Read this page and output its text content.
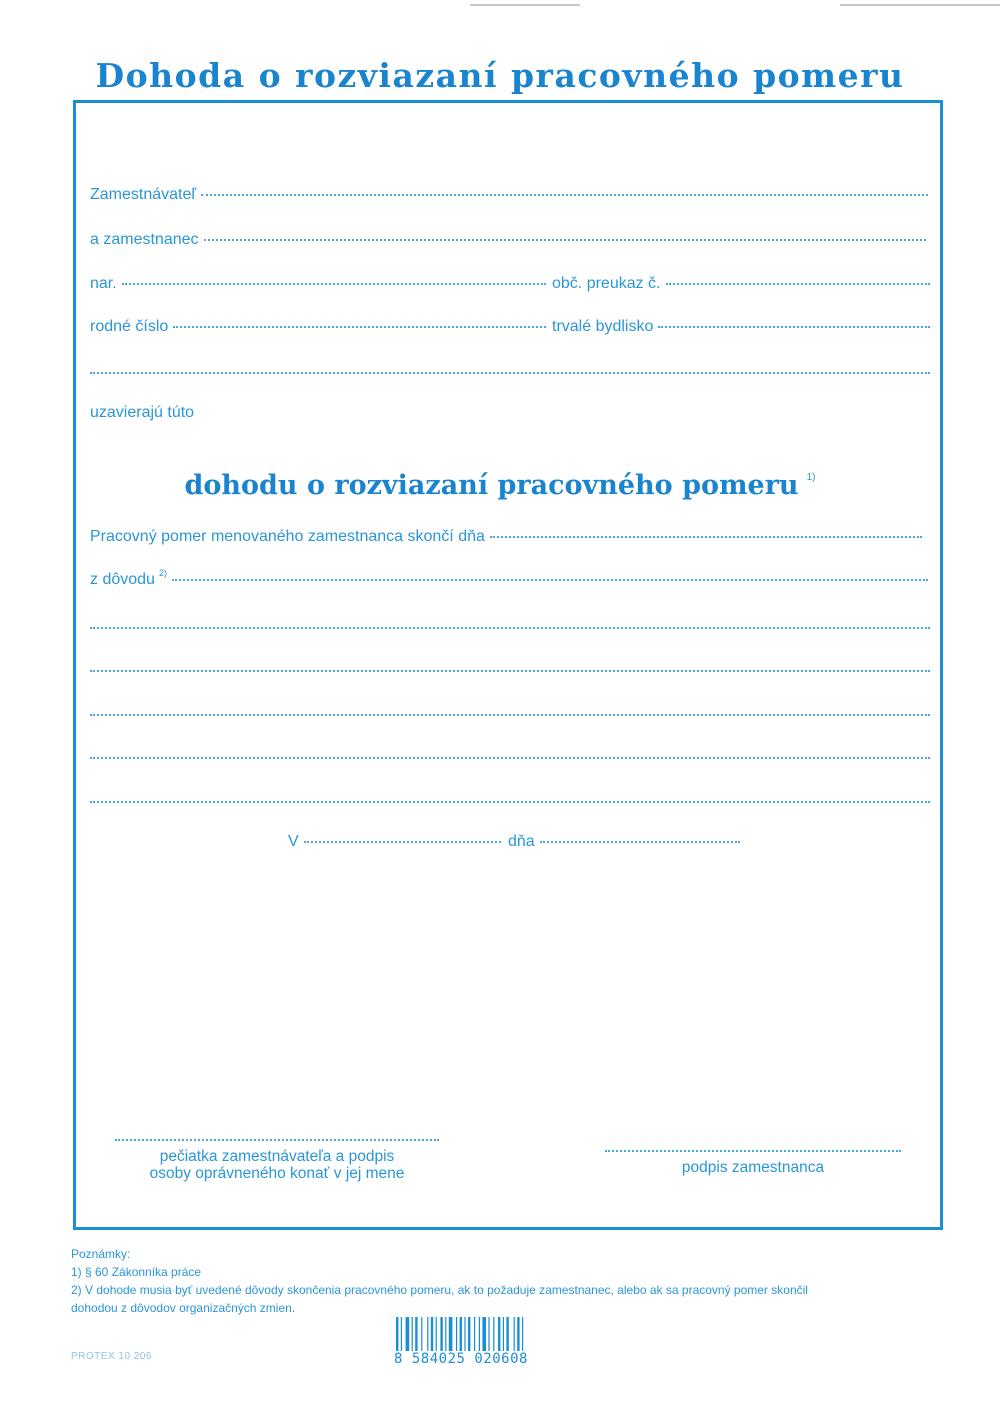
Dohoda o rozviazaní pracovného pomeru
Zamestnávateľ
a zamestnanec
nar.	obč. preukaz č.
rodné číslo	trvalé bydlisko
uzavierajú túto
dohodu o rozviazaní pracovného pomeru $^{1)}$
Pracovný pomer menovaného zamestnanca skončí dňa
z dôvodu $^{2)}$
V	dňa
pečiatka zamestnávateľa a podpis
osoby oprávneného konať v jej mene	podpis zamestnanca
Poznámky:
1) § 60 Zákonníka práce
2) V dohode musia byť uvedené dôvody skončenia pracovného pomeru, ak to požaduje zamestnanec, alebo ak sa pracovný pomer skončil
dohodou z dôvodov organizačných zmien.
PROTEX 10 206	8 584025 020608
